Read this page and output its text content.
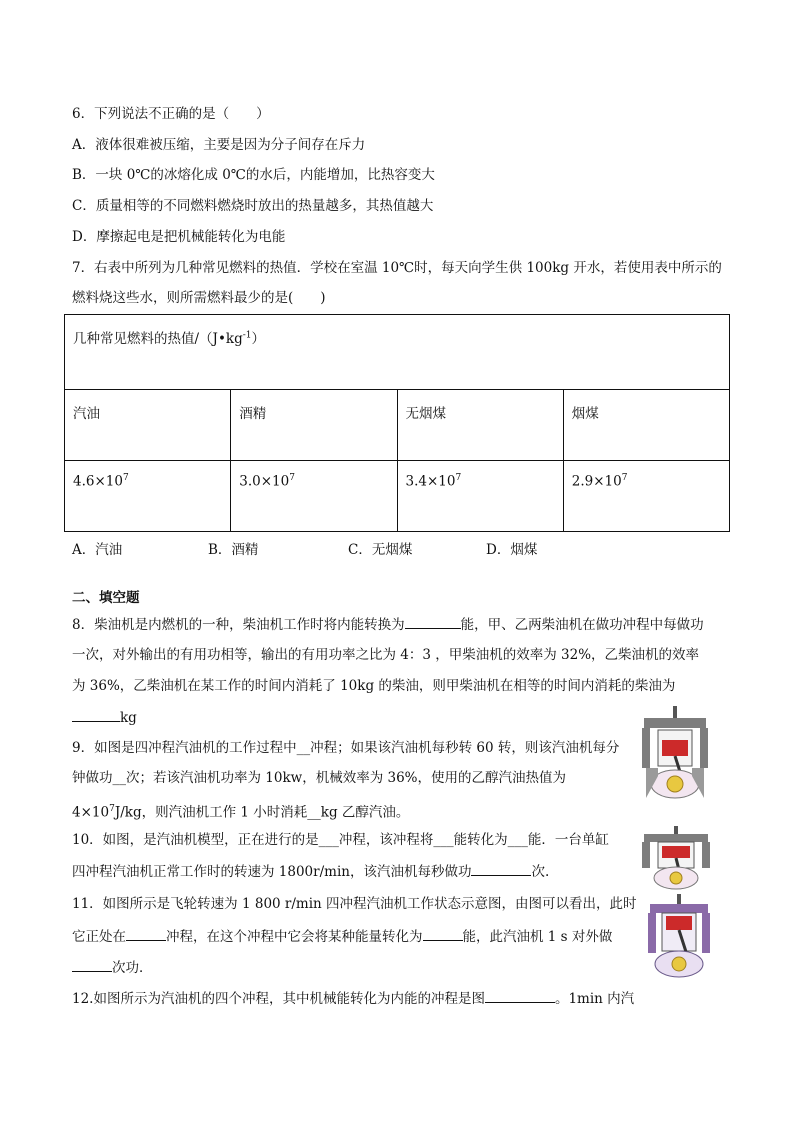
6．下列说法不正确的是（　　）
A．液体很难被压缩，主要是因为分子间存在斥力
B．一块 0℃的冰熔化成 0℃的水后，内能增加，比热容变大
C．质量相等的不同燃料燃烧时放出的热量越多，其热值越大
D．摩擦起电是把机械能转化为电能
7．右表中所列为几种常见燃料的热值．学校在室温 10℃时，每天向学生供 100kg 开水，若使用表中所示的
燃料烧这些水，则所需燃料最少的是(　　)
几种常见燃料的热值$/(J•kg^{-1})$			
汽油	酒精	无烟煤	烟煤
$4.6\times 10^7$	$3.0\times 10^7$	$3.4\times 10^7$	$2.9\times 10^7$
A．汽油	B．酒精	C．无烟煤	D．烟煤
二、填空题
8．柴油机是内燃机的一种，柴油机工作时将内能转换为	能，甲、乙两柴油机在做功冲程中每做功
一次，对外输出的有用功相等，输出的有用功率之比为 4：3 ，甲柴油机的效率为 32%，乙柴油机的效率
为 36%，乙柴油机在某工作的时间内消耗了 10kg 的柴油，则甲柴油机在相等的时间内消耗的柴油为
kg
9．如图是四冲程汽油机的工作过程中__冲程；如果该汽油机每秒转 60 转，则该汽油机每分
钟做功__次；若该汽油机功率为 10kw，机械效率为 36%，使用的乙醇汽油热值为
$4\times 10^7J/kg$，则汽油机工作 1 小时消耗__kg 乙醇汽油。
10．如图，是汽油机模型，正在进行的是___冲程，该冲程将___能转化为___能．一台单缸
四冲程汽油机正常工作时的转速为 1800r/min，该汽油机每秒做功	次.
11．如图所示是飞轮转速为 1 800 r/min 四冲程汽油机工作状态示意图，由图可以看出，此时
它正处在	冲程，在这个冲程中它会将某种能量转化为	能，此汽油机 1 s 对外做
次功．
12.如图所示为汽油机的四个冲程，其中机械能转化为内能的冲程是图	。1min 内汽
